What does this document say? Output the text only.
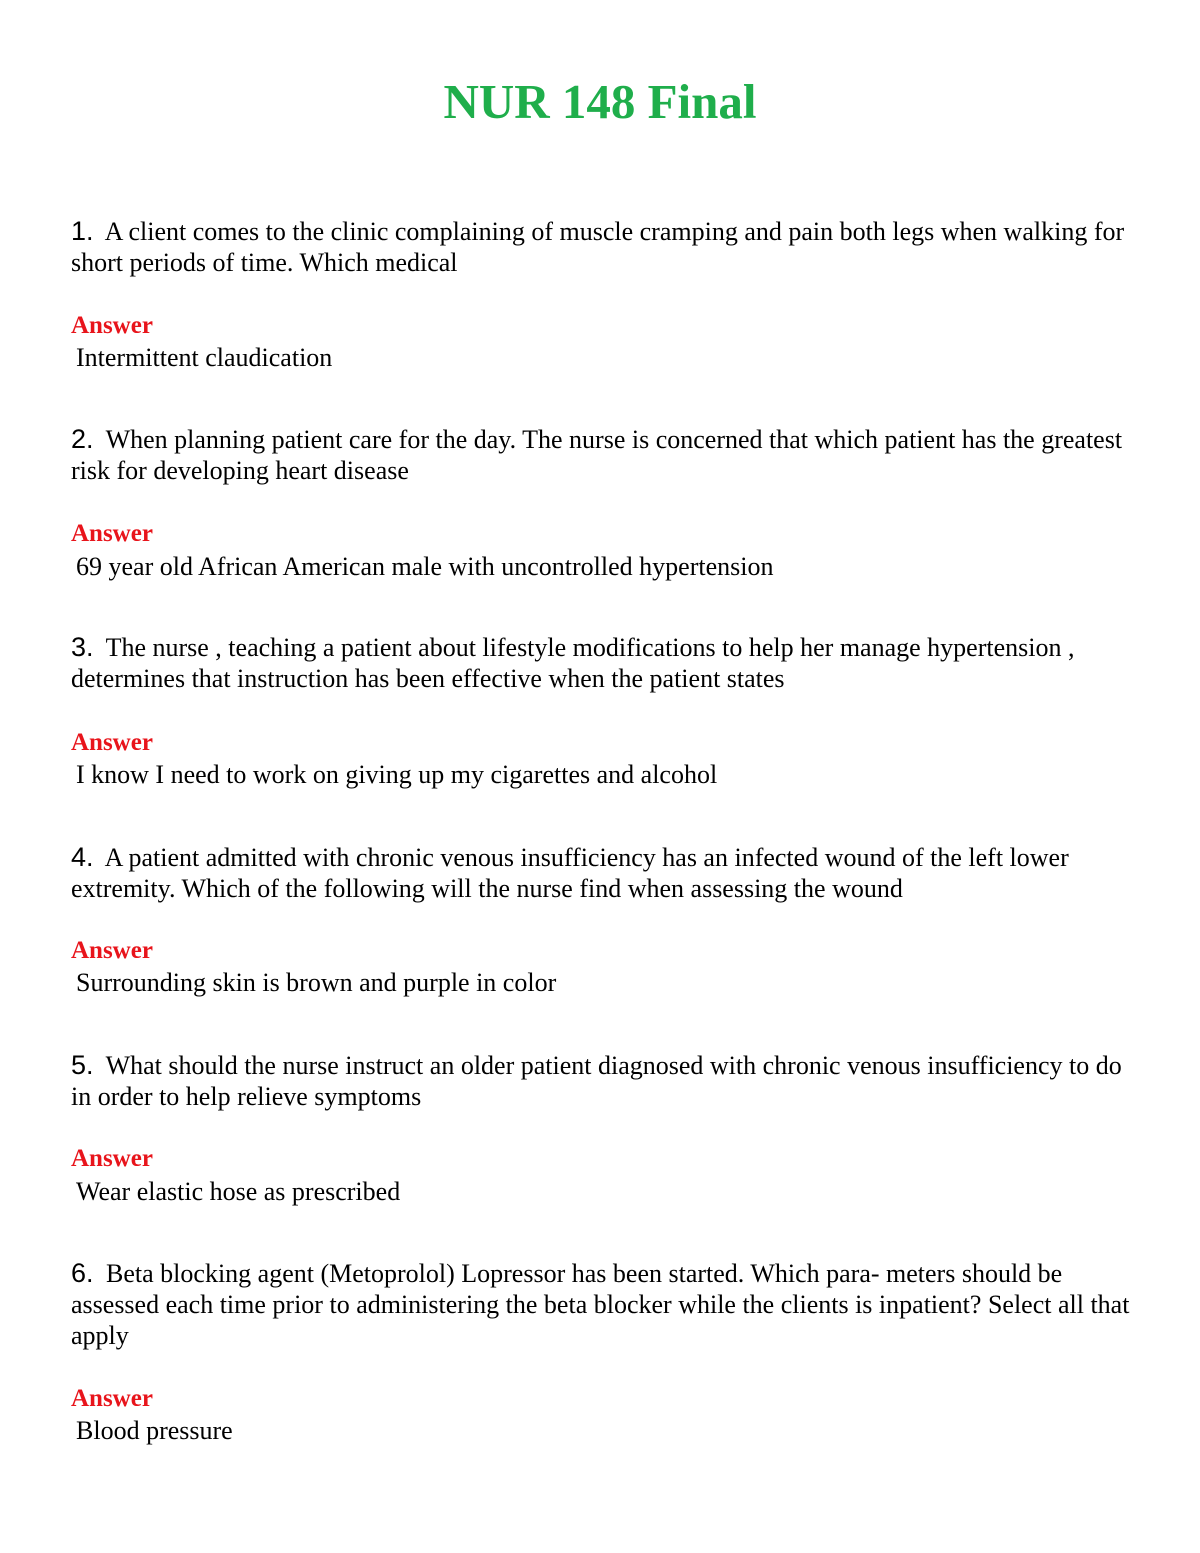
NUR 148 Final

1. A client comes to the clinic complaining of muscle cramping and pain both legs when walking for short periods of time. Which medical

Answer

Intermittent claudication

2. When planning patient care for the day. The nurse is concerned that which patient has the greatest risk for developing heart disease

Answer

69 year old African American male with uncontrolled hypertension

3. The nurse , teaching a patient about lifestyle modifications to help her manage hypertension , determines that instruction has been effective when the patient states

Answer

I know I need to work on giving up my cigarettes and alcohol

4. A patient admitted with chronic venous insufficiency has an infected wound of the left lower extremity. Which of the following will the nurse find when assessing the wound

Answer

Surrounding skin is brown and purple in color

5. What should the nurse instruct an older patient diagnosed with chronic venous insufficiency to do in order to help relieve symptoms

Answer

Wear elastic hose as prescribed

6. Beta blocking agent (Metoprolol) Lopressor has been started. Which para- meters should be assessed each time prior to administering the beta blocker while the clients is inpatient? Select all that apply

Answer

Blood pressure
